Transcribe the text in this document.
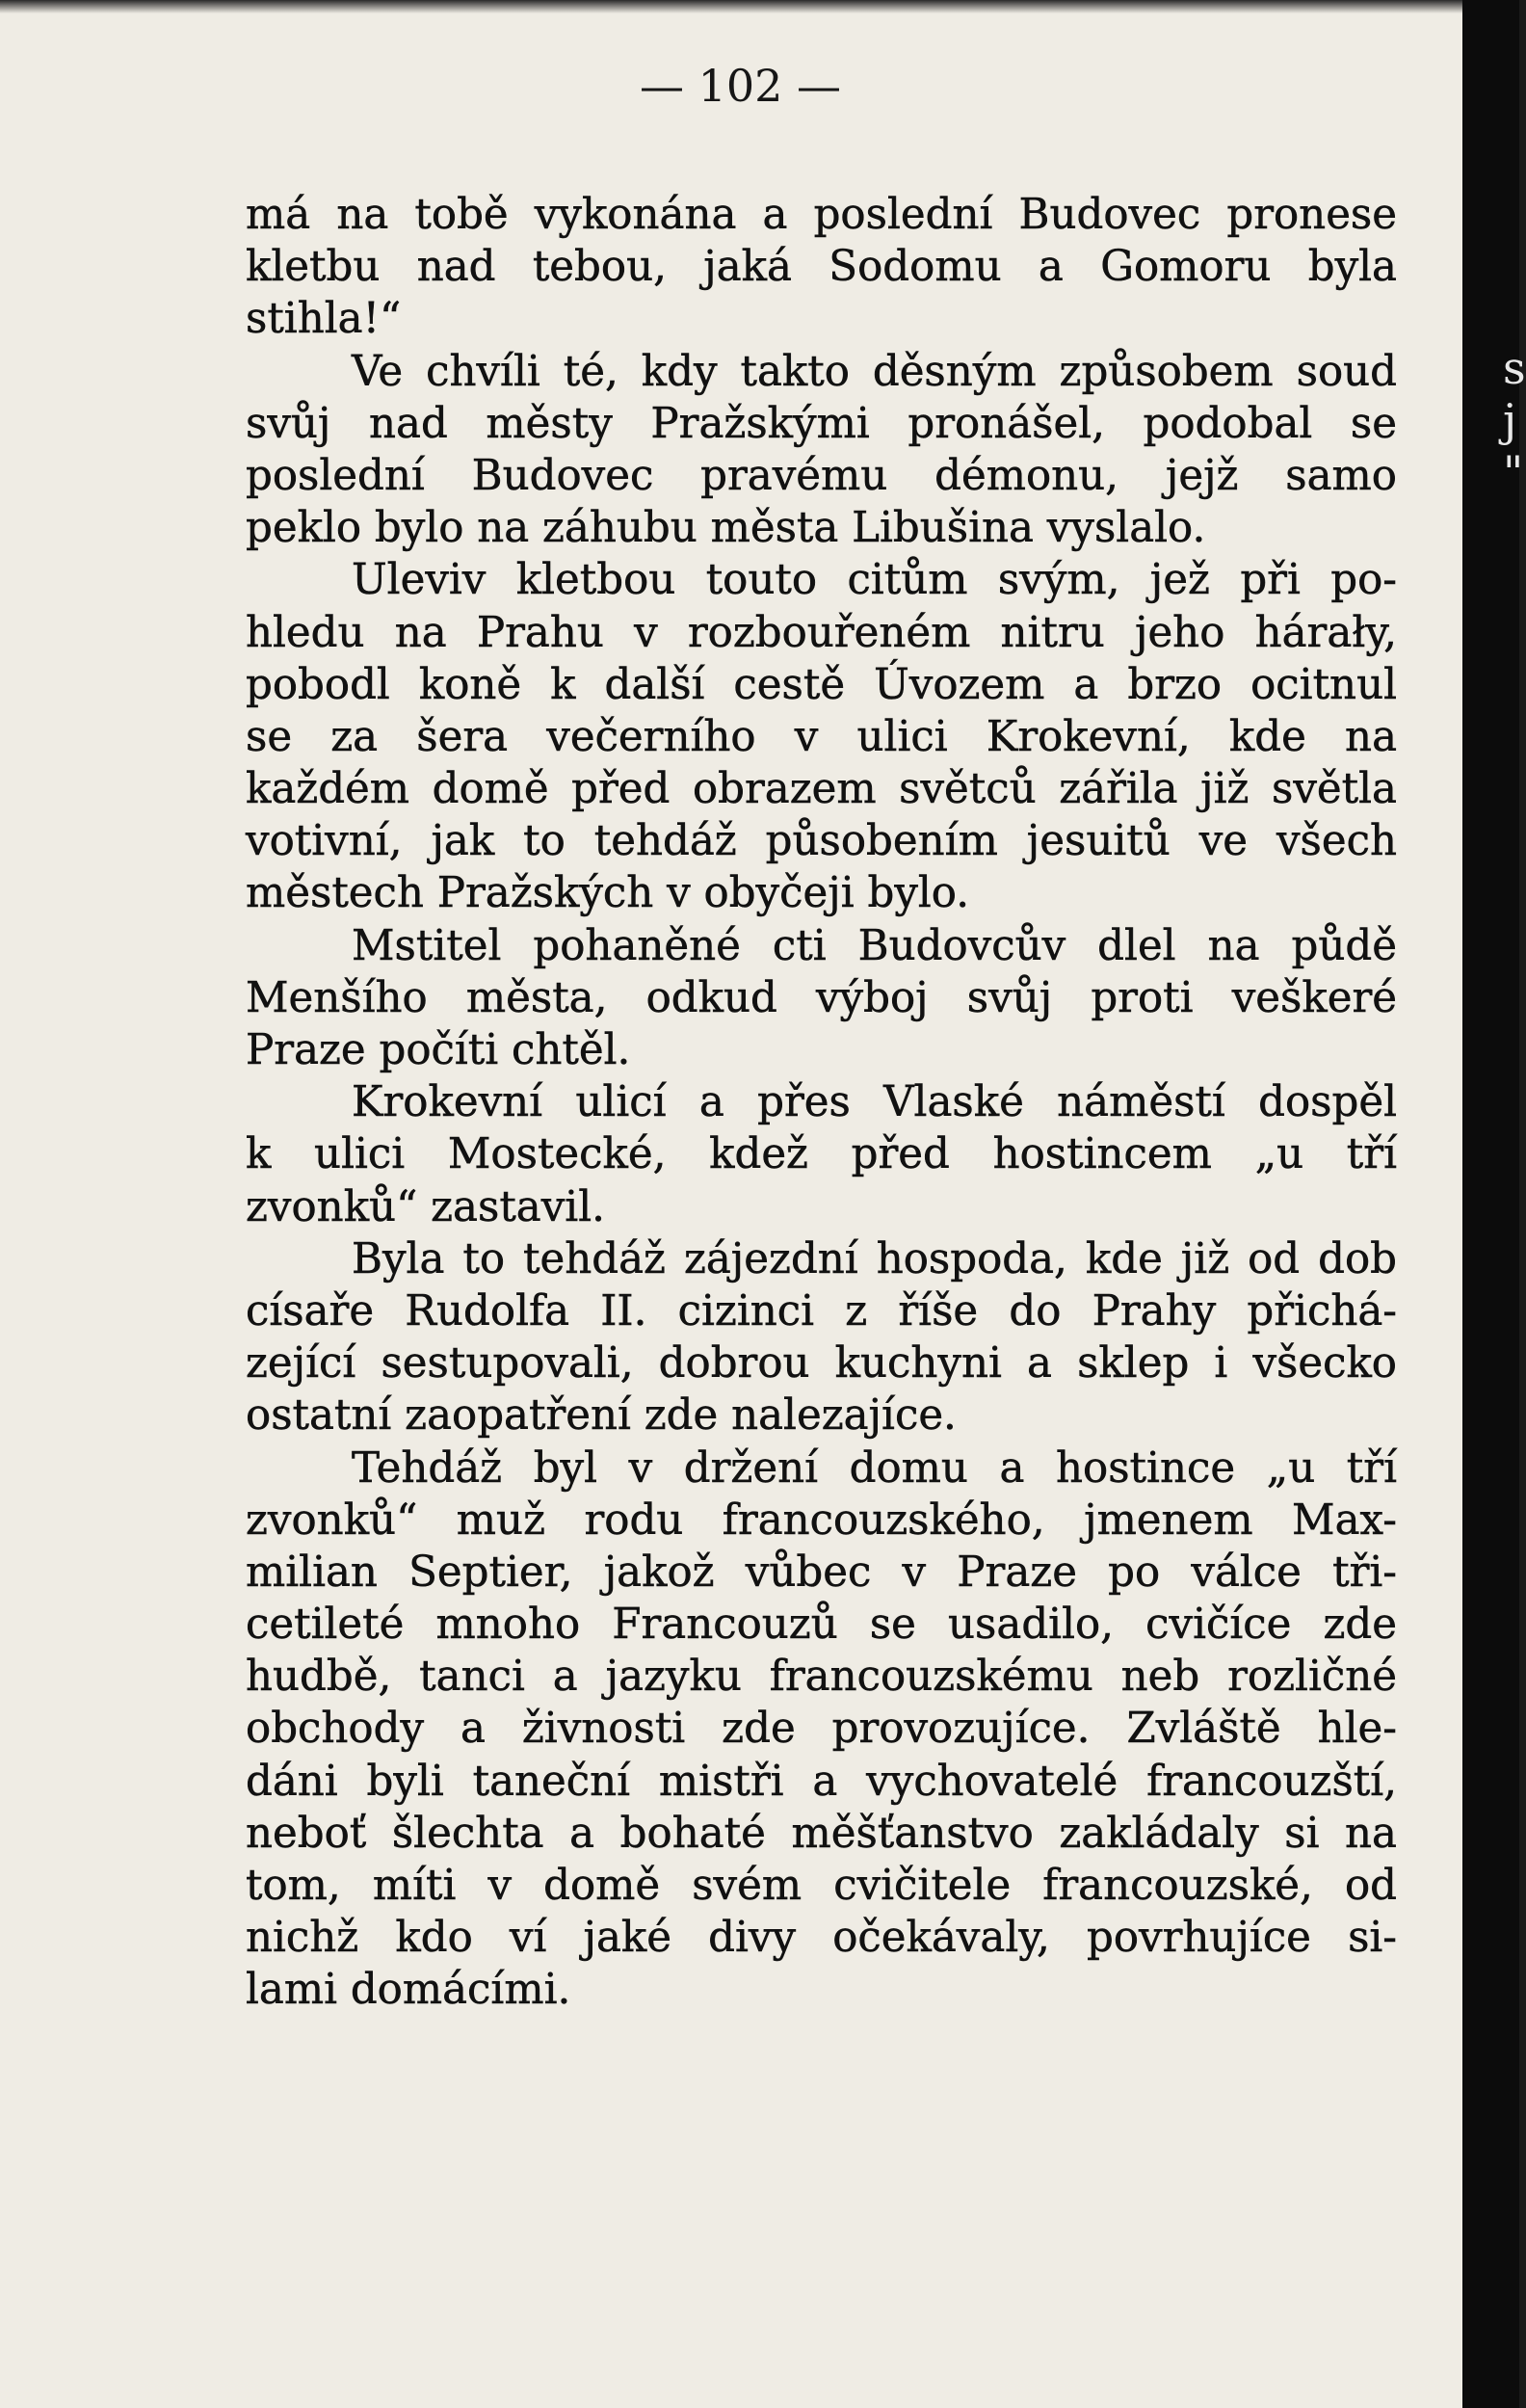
s
j
"
— 102 —
má na tobě vykonána a poslední Budovec pronese
kletbu nad tebou, jaká Sodomu a Gomoru byla
stihla!“
Ve chvíli té, kdy takto děsným způsobem soud
svůj nad městy Pražskými pronášel, podobal se
poslední Budovec pravému démonu, jejž samo
peklo bylo na záhubu města Libušina vyslalo.
Uleviv kletbou touto citům svým, jež při po-
hledu na Prahu v rozbouřeném nitru jeho hárały,
pobodl koně k další cestě Úvozem a brzo ocitnul
se za šera večerního v ulici Krokevní, kde na
každém domě před obrazem světců zářila již světla
votivní, jak to tehdáž působením jesuitů ve všech
městech Pražských v obyčeji bylo.
Mstitel pohaněné cti Budovcův dlel na půdě
Menšího města, odkud výboj svůj proti veškeré
Praze počíti chtěl.
Krokevní ulicí a přes Vlaské náměstí dospěl
k ulici Mostecké, kdež před hostincem „u tří
zvonků“ zastavil.
Byla to tehdáž zájezdní hospoda, kde již od dob
císaře Rudolfa II. cizinci z říše do Prahy přichá-
zející sestupovali, dobrou kuchyni a sklep i všecko
ostatní zaopatření zde nalezajíce.
Tehdáž byl v držení domu a hostince „u tří
zvonků“ muž rodu francouzského, jmenem Max-
milian Septier, jakož vůbec v Praze po válce tři-
cetileté mnoho Francouzů se usadilo, cvičíce zde
hudbě, tanci a jazyku francouzskému neb rozličné
obchody a živnosti zde provozujíce. Zvláště hle-
dáni byli taneční mistři a vychovatelé francouzští,
neboť šlechta a bohaté měšťanstvo zakládaly si na
tom, míti v domě svém cvičitele francouzské, od
nichž kdo ví jaké divy očekávaly, povrhujíce si-
lami domácími.
